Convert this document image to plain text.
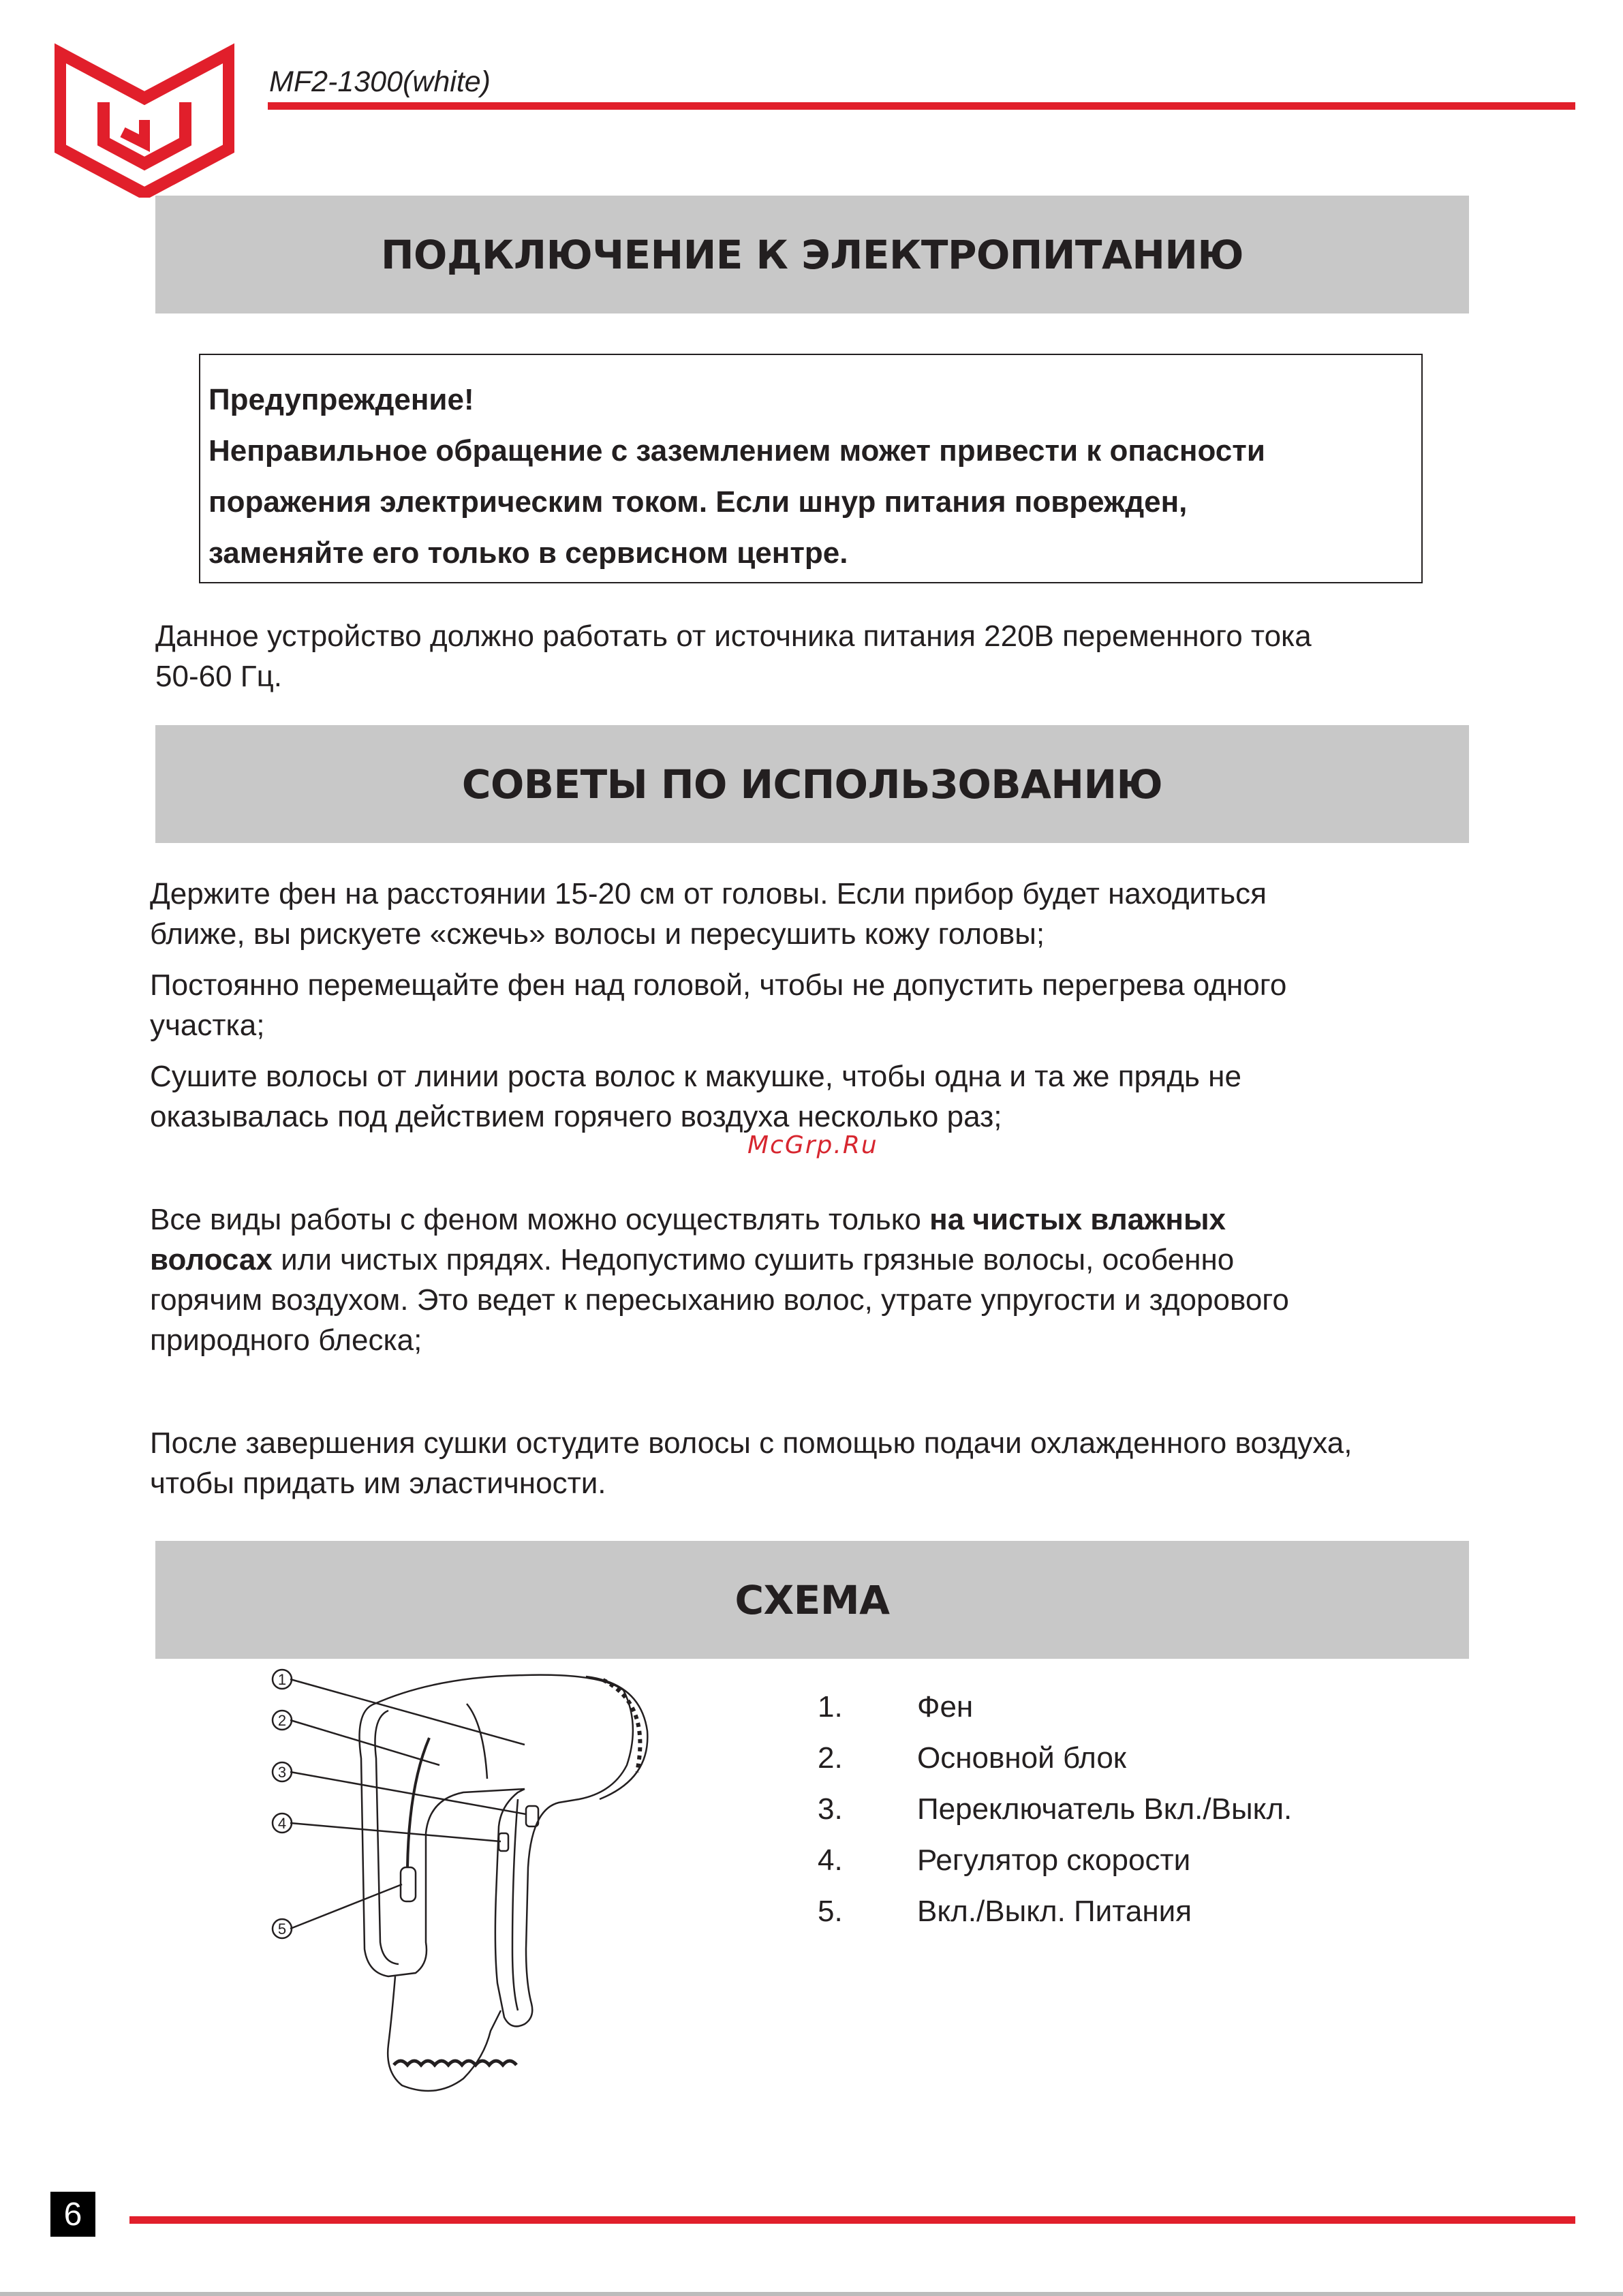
MF2-1300(white)
ПОДКЛЮЧЕНИЕ К ЭЛЕКТРОПИТАНИЮ
Предупреждение!
Неправильное обращение с заземлением может привести к опасности
поражения электрическим током. Если шнур питания поврежден,
заменяйте его только в сервисном центре.
Данное устройство должно работать от источника питания 220В переменного тока
50-60 Гц.
СОВЕТЫ ПО ИСПОЛЬЗОВАНИЮ
Держите фен на расстоянии 15-20 см от головы. Если прибор будет находиться
ближе, вы рискуете «сжечь» волосы и пересушить кожу головы;
Постоянно перемещайте фен над головой, чтобы не допустить перегрева одного
участка;
Сушите волосы от линии роста волос к макушке, чтобы одна и та же прядь не
оказывалась под действием горячего воздуха несколько раз;
McGrp.Ru
Все виды работы с феном можно осуществлять только на чистых влажных
волосах или чистых прядях. Недопустимо сушить грязные волосы, особенно
горячим воздухом. Это ведет к пересыханию волос, утрате упругости и здорового
природного блеска;
После завершения сушки остудите волосы с помощью подачи охлажденного воздуха,
чтобы придать им эластичности.
СХЕМА
1
2
3
4
5
1.	Фен
2.	Основной блок
3.	Переключатель Вкл./Выкл.
4.	Регулятор скорости
5.	Вкл./Выкл. Питания
6
